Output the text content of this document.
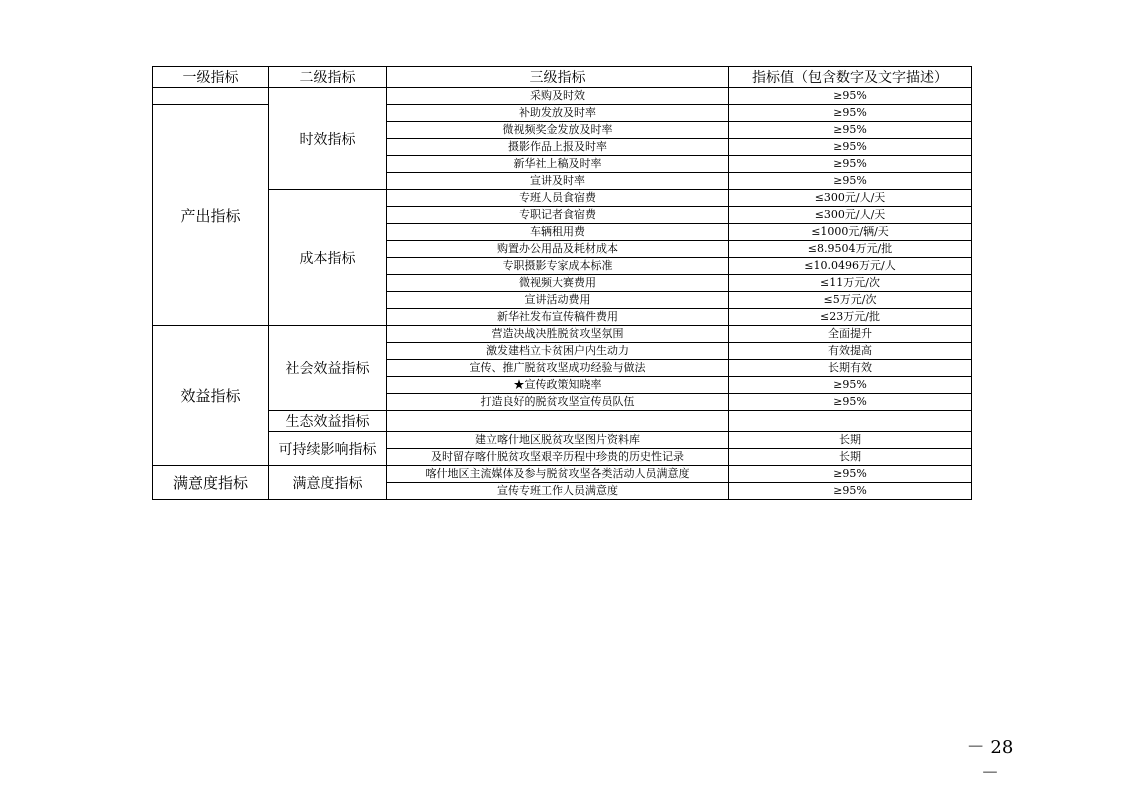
一级指标	二级指标	三级指标	指标值（包含数字及文字描述）
	时效指标	采购及时效	≥95%
产出指标		补助发放及时率	≥95%
		微视频奖金发放及时率	≥95%
		摄影作品上报及时率	≥95%
		新华社上稿及时率	≥95%
		宣讲及时率	≥95%
	成本指标	专班人员食宿费	≤300元/人/天
		专职记者食宿费	≤300元/人/天
		车辆租用费	≤1000元/辆/天
		购置办公用品及耗材成本	≤8.9504万元/批
		专职摄影专家成本标准	≤10.0496万元/人
		微视频大赛费用	≤11万元/次
		宣讲活动费用	≤5万元/次
		新华社发布宣传稿件费用	≤23万元/批
效益指标	社会效益指标	营造决战决胜脱贫攻坚氛围	全面提升
		激发建档立卡贫困户内生动力	有效提高
		宣传、推广脱贫攻坚成功经验与做法	长期有效
		★宣传政策知晓率	≥95%
		打造良好的脱贫攻坚宣传员队伍	≥95%
	生态效益指标		
	可持续影响指标	建立喀什地区脱贫攻坚图片资料库	长期
		及时留存喀什脱贫攻坚艰辛历程中珍贵的历史性记录	长期
满意度指标	满意度指标	喀什地区主流媒体及参与脱贫攻坚各类活动人员满意度	≥95%
		宣传专班工作人员满意度	≥95%
－ 28 －
